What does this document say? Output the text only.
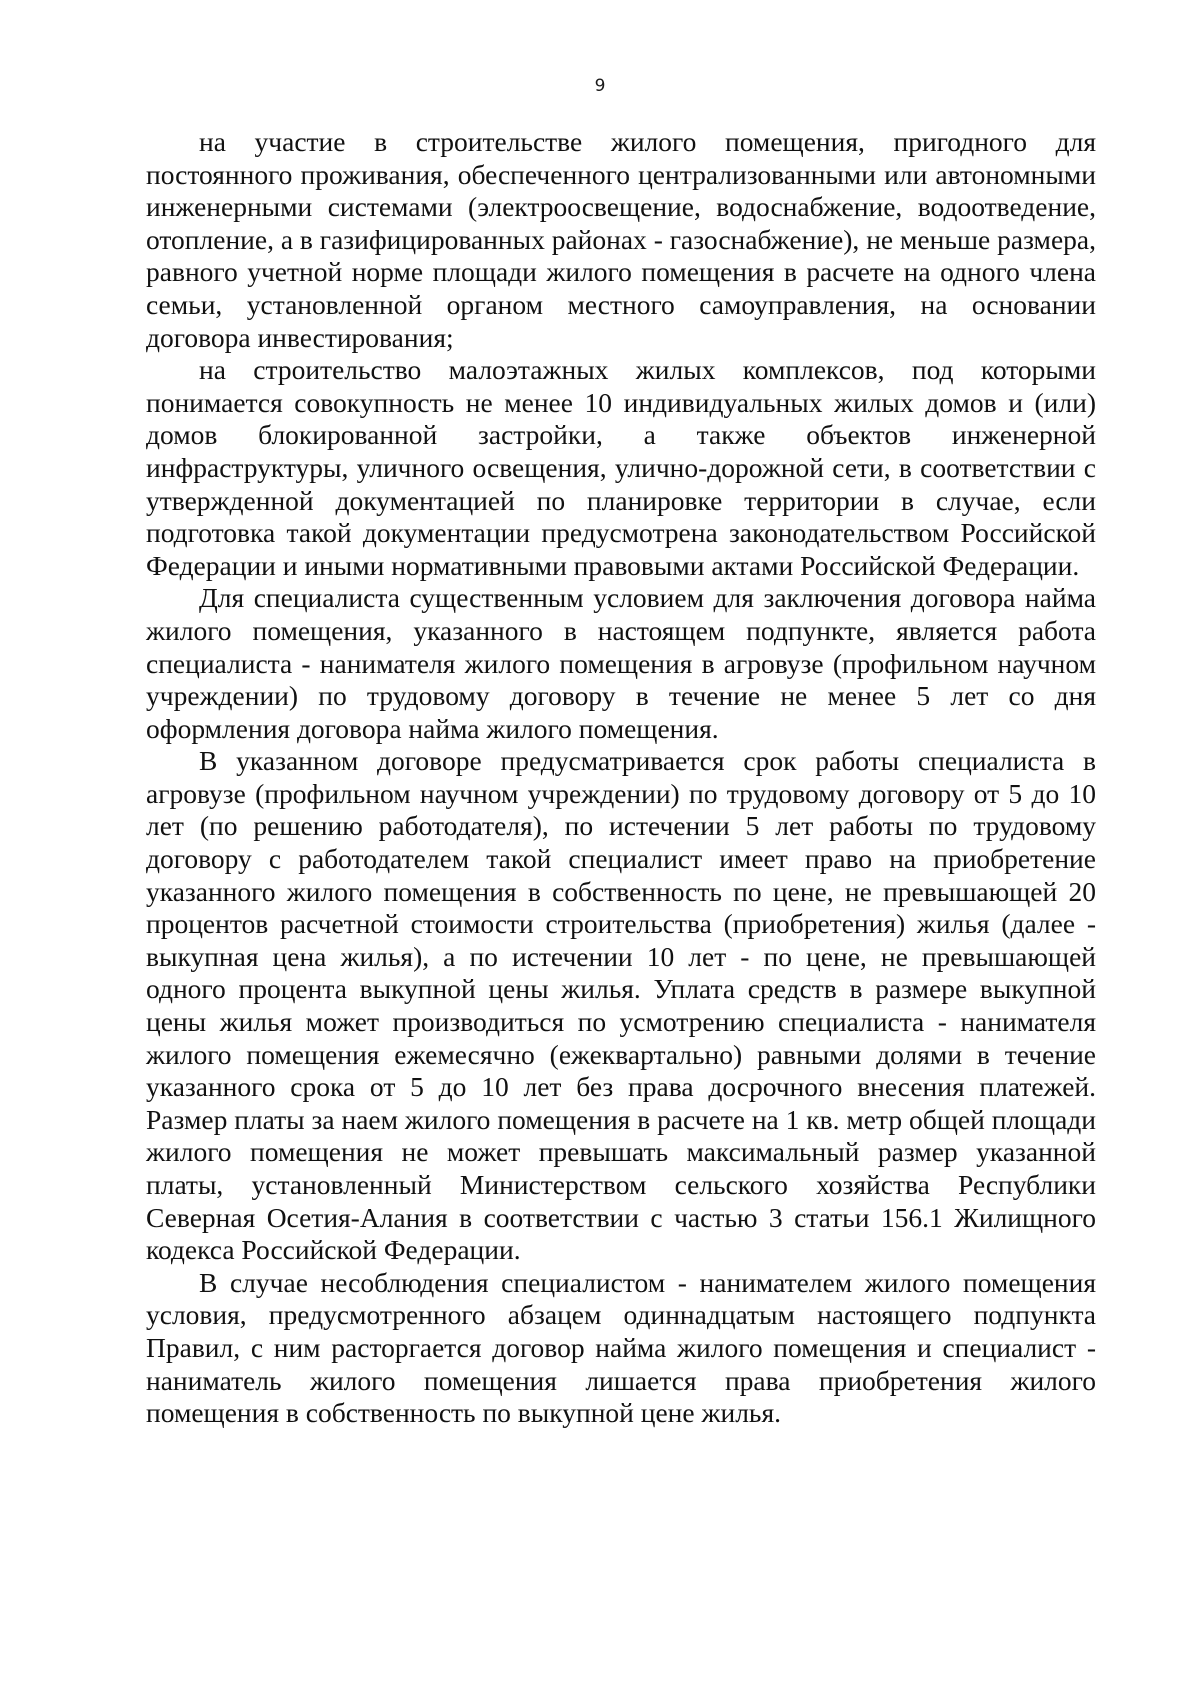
9

на участие в строительстве жилого помещения, пригодного для постоянного проживания, обеспеченного централизованными или автономными инженерными системами (электроосвещение, водоснабжение, водоотведение, отопление, а в газифицированных районах - газоснабжение), не меньше размера, равного учетной норме площади жилого помещения в расчете на одного члена семьи, установленной органом местного самоуправления, на основании договора инвестирования;

на строительство малоэтажных жилых комплексов, под которыми понимается совокупность не менее 10 индивидуальных жилых домов и (или) домов блокированной застройки, а также объектов инженерной инфраструктуры, уличного освещения, улично-дорожной сети, в соответствии с утвержденной документацией по планировке территории в случае, если подготовка такой документации предусмотрена законодательством Российской Федерации и иными нормативными правовыми актами Российской Федерации.

Для специалиста существенным условием для заключения договора найма жилого помещения, указанного в настоящем подпункте, является работа специалиста - нанимателя жилого помещения в агровузе (профильном научном учреждении) по трудовому договору в течение не менее 5 лет со дня оформления договора найма жилого помещения.

В указанном договоре предусматривается срок работы специалиста в агровузе (профильном научном учреждении) по трудовому договору от 5 до 10 лет (по решению работодателя), по истечении 5 лет работы по трудовому договору с работодателем такой специалист имеет право на приобретение указанного жилого помещения в собственность по цене, не превышающей 20 процентов расчетной стоимости строительства (приобретения) жилья (далее - выкупная цена жилья), а по истечении 10 лет - по цене, не превышающей одного процента выкупной цены жилья. Уплата средств в размере выкупной цены жилья может производиться по усмотрению специалиста - нанимателя жилого помещения ежемесячно (ежеквартально) равными долями в течение указанного срока от 5 до 10 лет без права досрочного внесения платежей. Размер платы за наем жилого помещения в расчете на 1 кв. метр общей площади жилого помещения не может превышать максимальный размер указанной платы, установленный Министерством сельского хозяйства Республики Северная Осетия-Алания в соответствии с частью 3 статьи 156.1 Жилищного кодекса Российской Федерации.

В случае несоблюдения специалистом - нанимателем жилого помещения условия, предусмотренного абзацем одиннадцатым настоящего подпункта Правил, с ним расторгается договор найма жилого помещения и специалист - наниматель жилого помещения лишается права приобретения жилого помещения в собственность по выкупной цене жилья.
